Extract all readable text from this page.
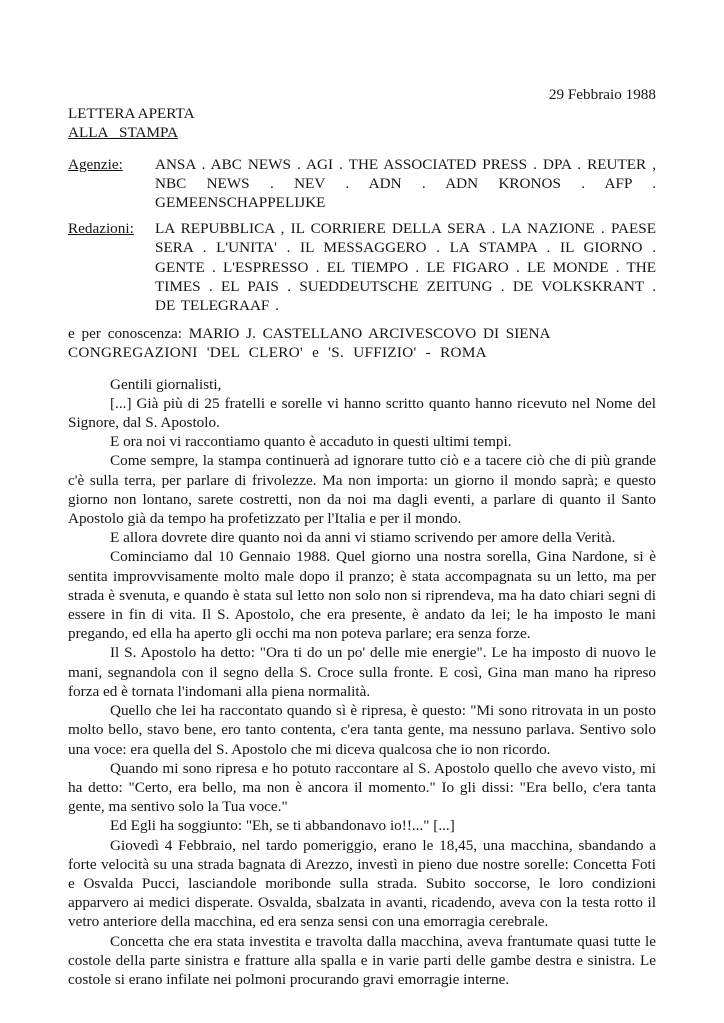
29 Febbraio 1988
LETTERA APERTA
ALLA _STAMPA
Agenzie:	ANSA . ABC NEWS . AGI . THE ASSOCIATED PRESS . DPA . REUTER , NBC NEWS . NEV . ADN . ADN KRONOS . AFP . GEMEENSCHAPPELIJKE
Redazioni:	LA REPUBBLICA , IL CORRIERE DELLA SERA . LA NAZIONE . PAESE SERA . L'UNITA' . IL MESSAGGERO . LA STAMPA . IL GIORNO . GENTE . L'ESPRESSO . EL TIEMPO . LE FIGARO . LE MONDE . THE TIMES . EL PAIS . SUEDDEUTSCHE ZEITUNG . DE VOLKSKRANT . DE TELEGRAAF .
e per conoscenza: MARIO J. CASTELLANO ARCIVESCOVO DI SIENA
CONGREGAZIONI 'DEL CLERO' e 'S. UFFIZIO' - ROMA

Gentili giornalisti,

[...] Già più di 25 fratelli e sorelle vi hanno scritto quanto hanno ricevuto nel Nome del Signore, dal S. Apostolo.

E ora noi vi raccontiamo quanto è accaduto in questi ultimi tempi.

Come sempre, la stampa continuerà ad ignorare tutto ciò e a tacere ciò che di più grande c'è sulla terra, per parlare di frivolezze. Ma non importa: un giorno il mondo saprà; e questo giorno non lontano, sarete costretti, non da noi ma dagli eventi, a parlare di quanto il Santo Apostolo già da tempo ha profetizzato per l'Italia e per il mondo.

E allora dovrete dire quanto noi da anni vi stiamo scrivendo per amore della Verità.

Cominciamo dal 10 Gennaio 1988. Quel giorno una nostra sorella, Gina Nardone, si è sentita improvvisamente molto male dopo il pranzo; è stata accompagnata su un letto, ma per strada è svenuta, e quando è stata sul letto non solo non si riprendeva, ma ha dato chiari segni di essere in fin di vita. Il S. Apostolo, che era presente, è andato da lei; le ha imposto le mani pregando, ed ella ha aperto gli occhi ma non poteva parlare; era senza forze.

Il S. Apostolo ha detto: "Ora ti do un po' delle mie energie". Le ha imposto di nuovo le mani, segnandola con il segno della S. Croce sulla fronte. E così, Gina man mano ha ripreso forza ed è tornata l'indomani alla piena normalità.

Quello che lei ha raccontato quando sì è ripresa, è questo: "Mi sono ritrovata in un posto molto bello, stavo bene, ero tanto contenta, c'era tanta gente, ma nessuno parlava. Sentivo solo una voce: era quella del S. Apostolo che mi diceva qualcosa che io non ricordo.

Quando mi sono ripresa e ho potuto raccontare al S. Apostolo quello che avevo visto, mi ha detto: "Certo, era bello, ma non è ancora il momento." Io gli dissi: "Era bello, c'era tanta gente, ma sentivo solo la Tua voce."

Ed Egli ha soggiunto: "Eh, se ti abbandonavo io!!..." [...]

Giovedì 4 Febbraio, nel tardo pomeriggio, erano le 18,45, una macchina, sbandando a forte velocità su una strada bagnata di Arezzo, investì in pieno due nostre sorelle: Concetta Foti e Osvalda Pucci, lasciandole moribonde sulla strada. Subito soccorse, le loro condizioni apparvero ai medici disperate. Osvalda, sbalzata in avanti, ricadendo, aveva con la testa rotto il vetro anteriore della macchina, ed era senza sensi con una emorragia cerebrale.

Concetta che era stata investita e travolta dalla macchina, aveva frantumate quasi tutte le costole della parte sinistra e fratture alla spalla e in varie parti delle gambe destra e sinistra. Le costole si erano infilate nei polmoni procurando gravi emorragie interne.
